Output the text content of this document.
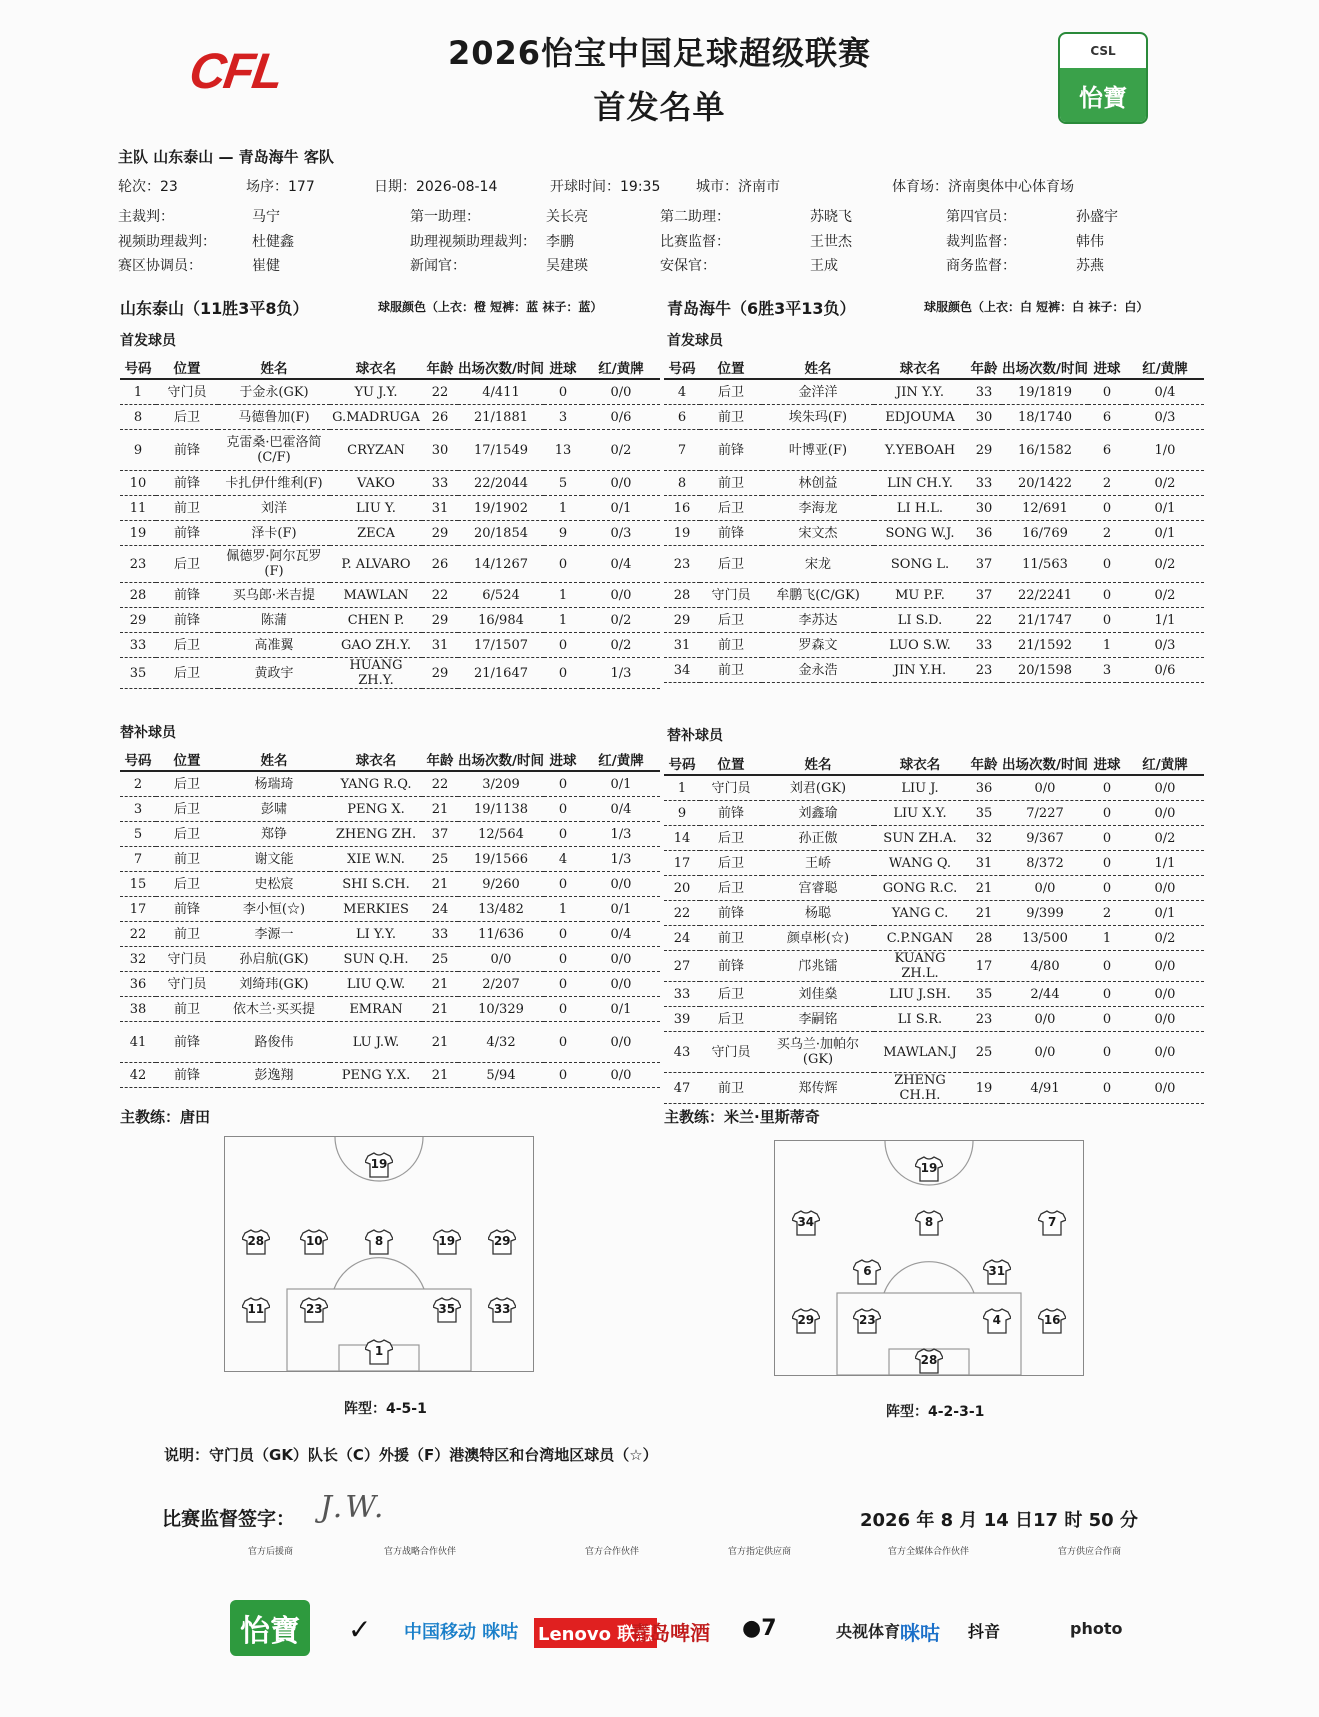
CFL	2026怡宝中国足球超级联赛
首发名单
CSL
怡寶
主队 山东泰山 — 青岛海牛 客队
轮次：23	场序：177	日期：2026-08-14	开球时间：19:35	城市：济南市	体育场：济南奥体中心体育场
主裁判：	马宁	第一助理：	关长亮	第二助理：	苏晓飞	第四官员：	孙盛宇
视频助理裁判：	杜健鑫	助理视频助理裁判： 李鹏	比赛监督：	王世杰	裁判监督：	韩伟
赛区协调员：	崔健	新闻官：	吴建瑛	安保官：	王成	商务监督：	苏燕
山东泰山（11胜3平8负）	球服颜色（上衣：橙 短裤：蓝 袜子：蓝）	青岛海牛（6胜3平13负）	球服颜色（上衣：白 短裤：白 袜子：白）
首发球员	首发球员
号码	位置	姓名	球衣名	年龄	出场次数/时间	进球	红/黄牌
1	守门员	于金永(GK)	YU J.Y.	22	4/411	0	0/0
8	后卫	马德鲁加(F)	G.MADRUGA	26	21/1881	3	0/6
9	前锋	克雷桑·巴霍洛简(C/F)	CRYZAN	30	17/1549	13	0/2
10	前锋	卡扎伊什维利(F)	VAKO	33	22/2044	5	0/0
11	前卫	刘洋	LIU Y.	31	19/1902	1	0/1
19	前锋	泽卡(F)	ZECA	29	20/1854	9	0/3
23	后卫	佩德罗·阿尔瓦罗(F)	P. ALVARO	26	14/1267	0	0/4
28	前锋	买乌郎·米吉提	MAWLAN	22	6/524	1	0/0
29	前锋	陈蒲	CHEN P.	29	16/984	1	0/2
33	后卫	高准翼	GAO ZH.Y.	31	17/1507	0	0/2
35	后卫	黄政宇	HUANG ZH.Y.	29	21/1647	0	1/3
号码	位置	姓名	球衣名	年龄	出场次数/时间	进球	红/黄牌
4	后卫	金洋洋	JIN Y.Y.	33	19/1819	0	0/4
6	前卫	埃朱玛(F)	EDJOUMA	30	18/1740	6	0/3
7	前锋	叶博亚(F)	Y.YEBOAH	29	16/1582	6	1/0
8	前卫	林创益	LIN CH.Y.	33	20/1422	2	0/2
16	后卫	李海龙	LI H.L.	30	12/691	0	0/1
19	前锋	宋文杰	SONG W.J.	36	16/769	2	0/1
23	后卫	宋龙	SONG L.	37	11/563	0	0/2
28	守门员	牟鹏飞(C/GK)	MU P.F.	37	22/2241	0	0/2
29	后卫	李苏达	LI S.D.	22	21/1747	0	1/1
31	前卫	罗森文	LUO S.W.	33	21/1592	1	0/3
34	前卫	金永浩	JIN Y.H.	23	20/1598	3	0/6
替补球员	替补球员
号码	位置	姓名	球衣名	年龄	出场次数/时间	进球	红/黄牌
2	后卫	杨瑞琦	YANG R.Q.	22	3/209	0	0/1
3	后卫	彭啸	PENG X.	21	19/1138	0	0/4
5	后卫	郑铮	ZHENG ZH.	37	12/564	0	1/3
7	前卫	谢文能	XIE W.N.	25	19/1566	4	1/3
15	后卫	史松宸	SHI S.CH.	21	9/260	0	0/0
17	前锋	李小恒(☆)	MERKIES	24	13/482	1	0/1
22	前卫	李源一	LI Y.Y.	33	11/636	0	0/4
32	守门员	孙启航(GK)	SUN Q.H.	25	0/0	0	0/0
36	守门员	刘绮玮(GK)	LIU Q.W.	21	2/207	0	0/0
38	前卫	依木兰·买买提	EMRAN	21	10/329	0	0/1
41	前锋	路俊伟	LU J.W.	21	4/32	0	0/0
42	前锋	彭逸翔	PENG Y.X.	21	5/94	0	0/0
号码	位置	姓名	球衣名	年龄	出场次数/时间	进球	红/黄牌
1	守门员	刘君(GK)	LIU J.	36	0/0	0	0/0
9	前锋	刘鑫瑜	LIU X.Y.	35	7/227	0	0/0
14	后卫	孙正傲	SUN ZH.A.	32	9/367	0	0/2
17	后卫	王峤	WANG Q.	31	8/372	0	1/1
20	后卫	宫睿聪	GONG R.C.	21	0/0	0	0/0
22	前锋	杨聪	YANG C.	21	9/399	2	0/1
24	前卫	颜卓彬(☆)	C.P.NGAN	28	13/500	1	0/2
27	前锋	邝兆镭	KUANG ZH.L.	17	4/80	0	0/0
33	后卫	刘佳燊	LIU J.SH.	35	2/44	0	0/0
39	后卫	李嗣铭	LI S.R.	23	0/0	0	0/0
43	守门员	买乌兰·加帕尔(GK)	MAWLAN.J	25	0/0	0	0/0
47	前卫	郑传辉	ZHENG CH.H.	19	4/91	0	0/0
主教练：唐田	主教练：米兰·里斯蒂奇
19
28	10	8	19	29
11	23	35	33
1
19
34	8	7
6	31
29	23	4	16
28
阵型：4-5-1	阵型：4-2-3-1
说明：守门员（GK）队长（C）外援（F）港澳特区和台湾地区球员（☆）
比赛监督签字： J.W.	2026 年 8 月 14 日17 时 50 分
官方后援商	官方战略合作伙伴	官方合作伙伴	官方指定供应商	官方全媒体合作伙伴	官方供应合作商
怡寶	✓ 中国移动 咪咕 Lenovo 联想
青岛啤酒 ●7	央视体育 咪咕 抖音	photo
